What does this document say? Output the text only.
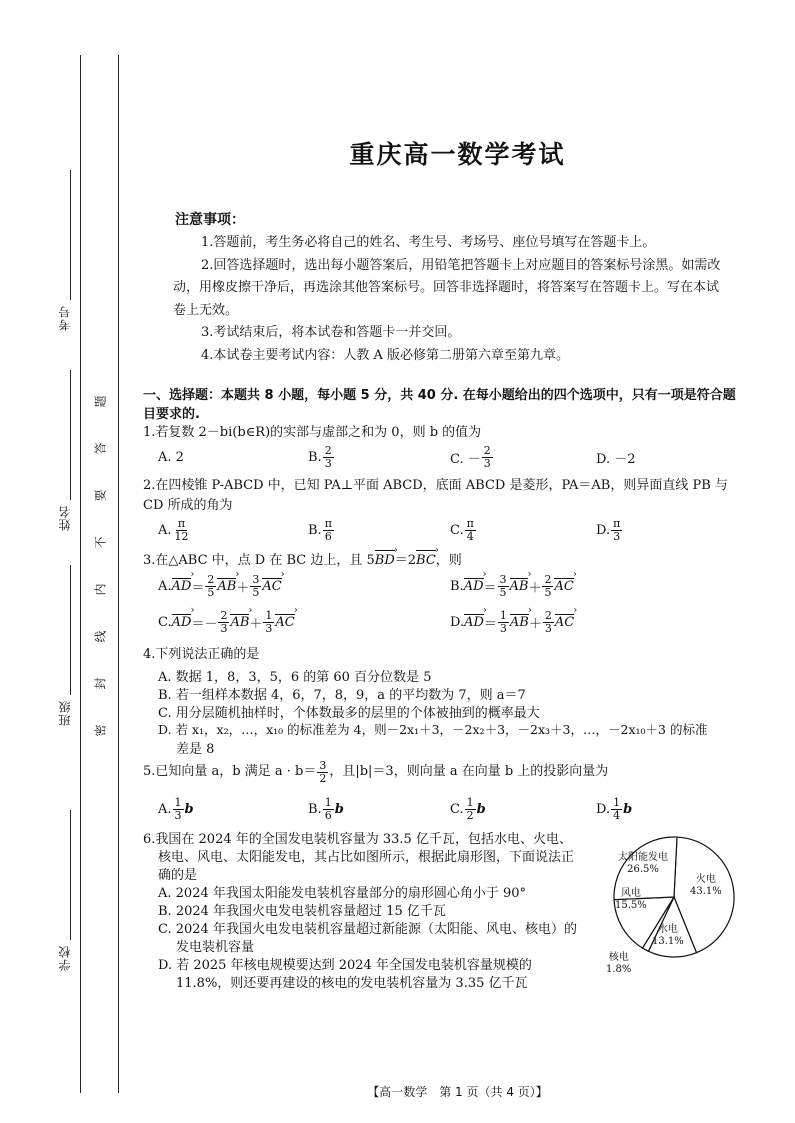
考号
姓名
班级
学校
题
答
要
不
内
线
封
密
重庆高一数学考试
注意事项：

1.答题前，考生务必将自己的姓名、考生号、考场号、座位号填写在答题卡上。

2.回答选择题时，选出每小题答案后，用铅笔把答题卡上对应题目的答案标号涂黑。如需改动，用橡皮擦干净后，再选涂其他答案标号。回答非选择题时，将答案写在答题卡上。写在本试卷上无效。

3.考试结束后，将本试卷和答题卡一并交回。

4.本试卷主要考试内容：人教 A 版必修第二册第六章至第九章。

一、选择题：本题共 8 小题，每小题 5 分，共 40 分. 在每小题给出的四个选项中，只有一项是符合题目要求的.
1.若复数 2－bi(b∈R)的实部与虚部之和为 0，则 b 的值为
A. 2	B. $\frac{2}{3}$	C. － $\frac{2}{3}$	D. －2
2.在四棱锥 P-ABCD 中，已知 PA⊥平面 ABCD，底面 ABCD 是菱形，PA＝AB，则异面直线 PB 与 CD 所成的角为
A. $\frac{\pi}{12}$	B. $\frac{\pi}{6}$	C. $\frac{\pi}{4}$	D. $\frac{\pi}{3}$
3.在△ABC 中，点 D 在 BC 边上，且 5BD ›＝2BC ›，则
A. AD › ＝ $\frac{2}{5}$ AB › ＋ $\frac{3}{5}$ AC ›	B. AD › ＝ $\frac{3}{5}$ AB › ＋ $\frac{2}{5}$ AC ›
C. AD › ＝－ $\frac{2}{3}$ AB › ＋ $\frac{1}{3}$ AC ›	D. AD › ＝ $\frac{1}{3}$ AB › ＋ $\frac{2}{3}$ AC ›
4.下列说法正确的是
A. 数据 1，8，3，5，6 的第 60 百分位数是 5
B. 若一组样本数据 4，6，7，8，9，a 的平均数为 7，则 a＝7
C. 用分层随机抽样时，个体数最多的层里的个体被抽到的概率最大
D. 若 x₁，x₂，…，x₁₀ 的标准差为 4，则－2x₁＋3，－2x₂＋3，－2x₃＋3，…，－2x₁₀＋3 的标准
差是 8
5.已知向量 a，b 满足 $a \cdot b= \frac{3}{2}$ ，且|b|＝3，则向量 a 在向量 b 上的投影向量为
A. $\frac{1}{3}$ b	B. $\frac{1}{6}$ b	C. $\frac{1}{2}$ b	D. $\frac{1}{4}$ b
6.我国在 2024 年的全国发电装机容量为 33.5 亿千瓦，包括水电、火电、
核电、风电、太阳能发电，其占比如图所示，根据此扇形图，下面说法正
确的是
A. 2024 年我国太阳能发电装机容量部分的扇形圆心角小于 90°
B. 2024 年我国火电发电装机容量超过 15 亿千瓦
C. 2024 年我国火电发电装机容量超过新能源（太阳能、风电、核电）的
发电装机容量
D. 若 2025 年核电规模要达到 2024 年全国发电装机容量规模的
11.8%，则还要再建设的核电的发电装机容量为 3.35 亿千瓦
火电
43.1%
水电
13.1%
核电
1.8%
风电
15.5%
太阳能发电
26.5%
【高一数学　第 1 页（共 4 页）】
